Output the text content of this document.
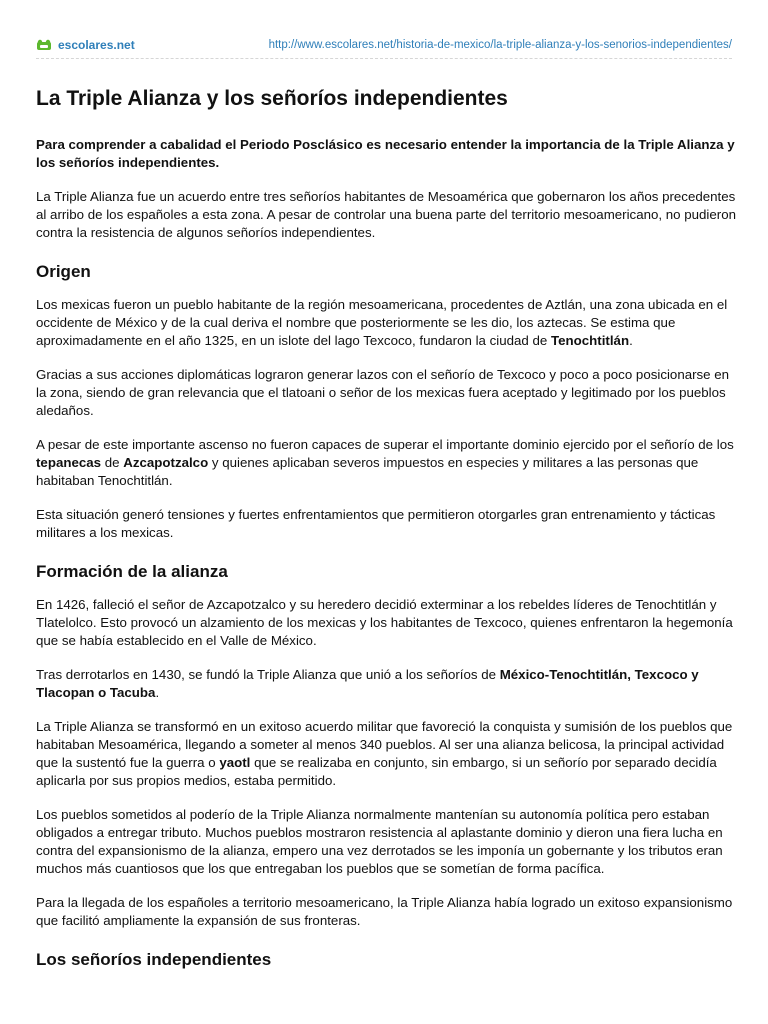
escolares.net	http://www.escolares.net/historia-de-mexico/la-triple-alianza-y-los-senorios-independientes/
La Triple Alianza y los señoríos independientes

Para comprender a cabalidad el Periodo Posclásico es necesario entender la importancia de la Triple Alianza y los señoríos independientes.

La Triple Alianza fue un acuerdo entre tres señoríos habitantes de Mesoamérica que gobernaron los años precedentes al arribo de los españoles a esta zona. A pesar de controlar una buena parte del territorio mesoamericano, no pudieron contra la resistencia de algunos señoríos independientes.

Origen

Los mexicas fueron un pueblo habitante de la región mesoamericana, procedentes de Aztlán, una zona ubicada en el occidente de México y de la cual deriva el nombre que posteriormente se les dio, los aztecas. Se estima que aproximadamente en el año 1325, en un islote del lago Texcoco, fundaron la ciudad de Tenochtitlán.

Gracias a sus acciones diplomáticas lograron generar lazos con el señorío de Texcoco y poco a poco posicionarse en la zona, siendo de gran relevancia que el tlatoani o señor de los mexicas fuera aceptado y legitimado por los pueblos aledaños.

A pesar de este importante ascenso no fueron capaces de superar el importante dominio ejercido por el señorío de los tepanecas de Azcapotzalco y quienes aplicaban severos impuestos en especies y militares a las personas que habitaban Tenochtitlán.

Esta situación generó tensiones y fuertes enfrentamientos que permitieron otorgarles gran entrenamiento y tácticas militares a los mexicas.

Formación de la alianza

En 1426, falleció el señor de Azcapotzalco y su heredero decidió exterminar a los rebeldes líderes de Tenochtitlán y Tlatelolco. Esto provocó un alzamiento de los mexicas y los habitantes de Texcoco, quienes enfrentaron la hegemonía que se había establecido en el Valle de México.

Tras derrotarlos en 1430, se fundó la Triple Alianza que unió a los señoríos de México-Tenochtitlán, Texcoco y Tlacopan o Tacuba.

La Triple Alianza se transformó en un exitoso acuerdo militar que favoreció la conquista y sumisión de los pueblos que habitaban Mesoamérica, llegando a someter al menos 340 pueblos. Al ser una alianza belicosa, la principal actividad que la sustentó fue la guerra o yaotl que se realizaba en conjunto, sin embargo, si un señorío por separado decidía aplicarla por sus propios medios, estaba permitido.

Los pueblos sometidos al poderío de la Triple Alianza normalmente mantenían su autonomía política pero estaban obligados a entregar tributo. Muchos pueblos mostraron resistencia al aplastante dominio y dieron una fiera lucha en contra del expansionismo de la alianza, empero una vez derrotados se les imponía un gobernante y los tributos eran muchos más cuantiosos que los que entregaban los pueblos que se sometían de forma pacífica.

Para la llegada de los españoles a territorio mesoamericano, la Triple Alianza había logrado un exitoso expansionismo que facilitó ampliamente la expansión de sus fronteras.

Los señoríos independientes
